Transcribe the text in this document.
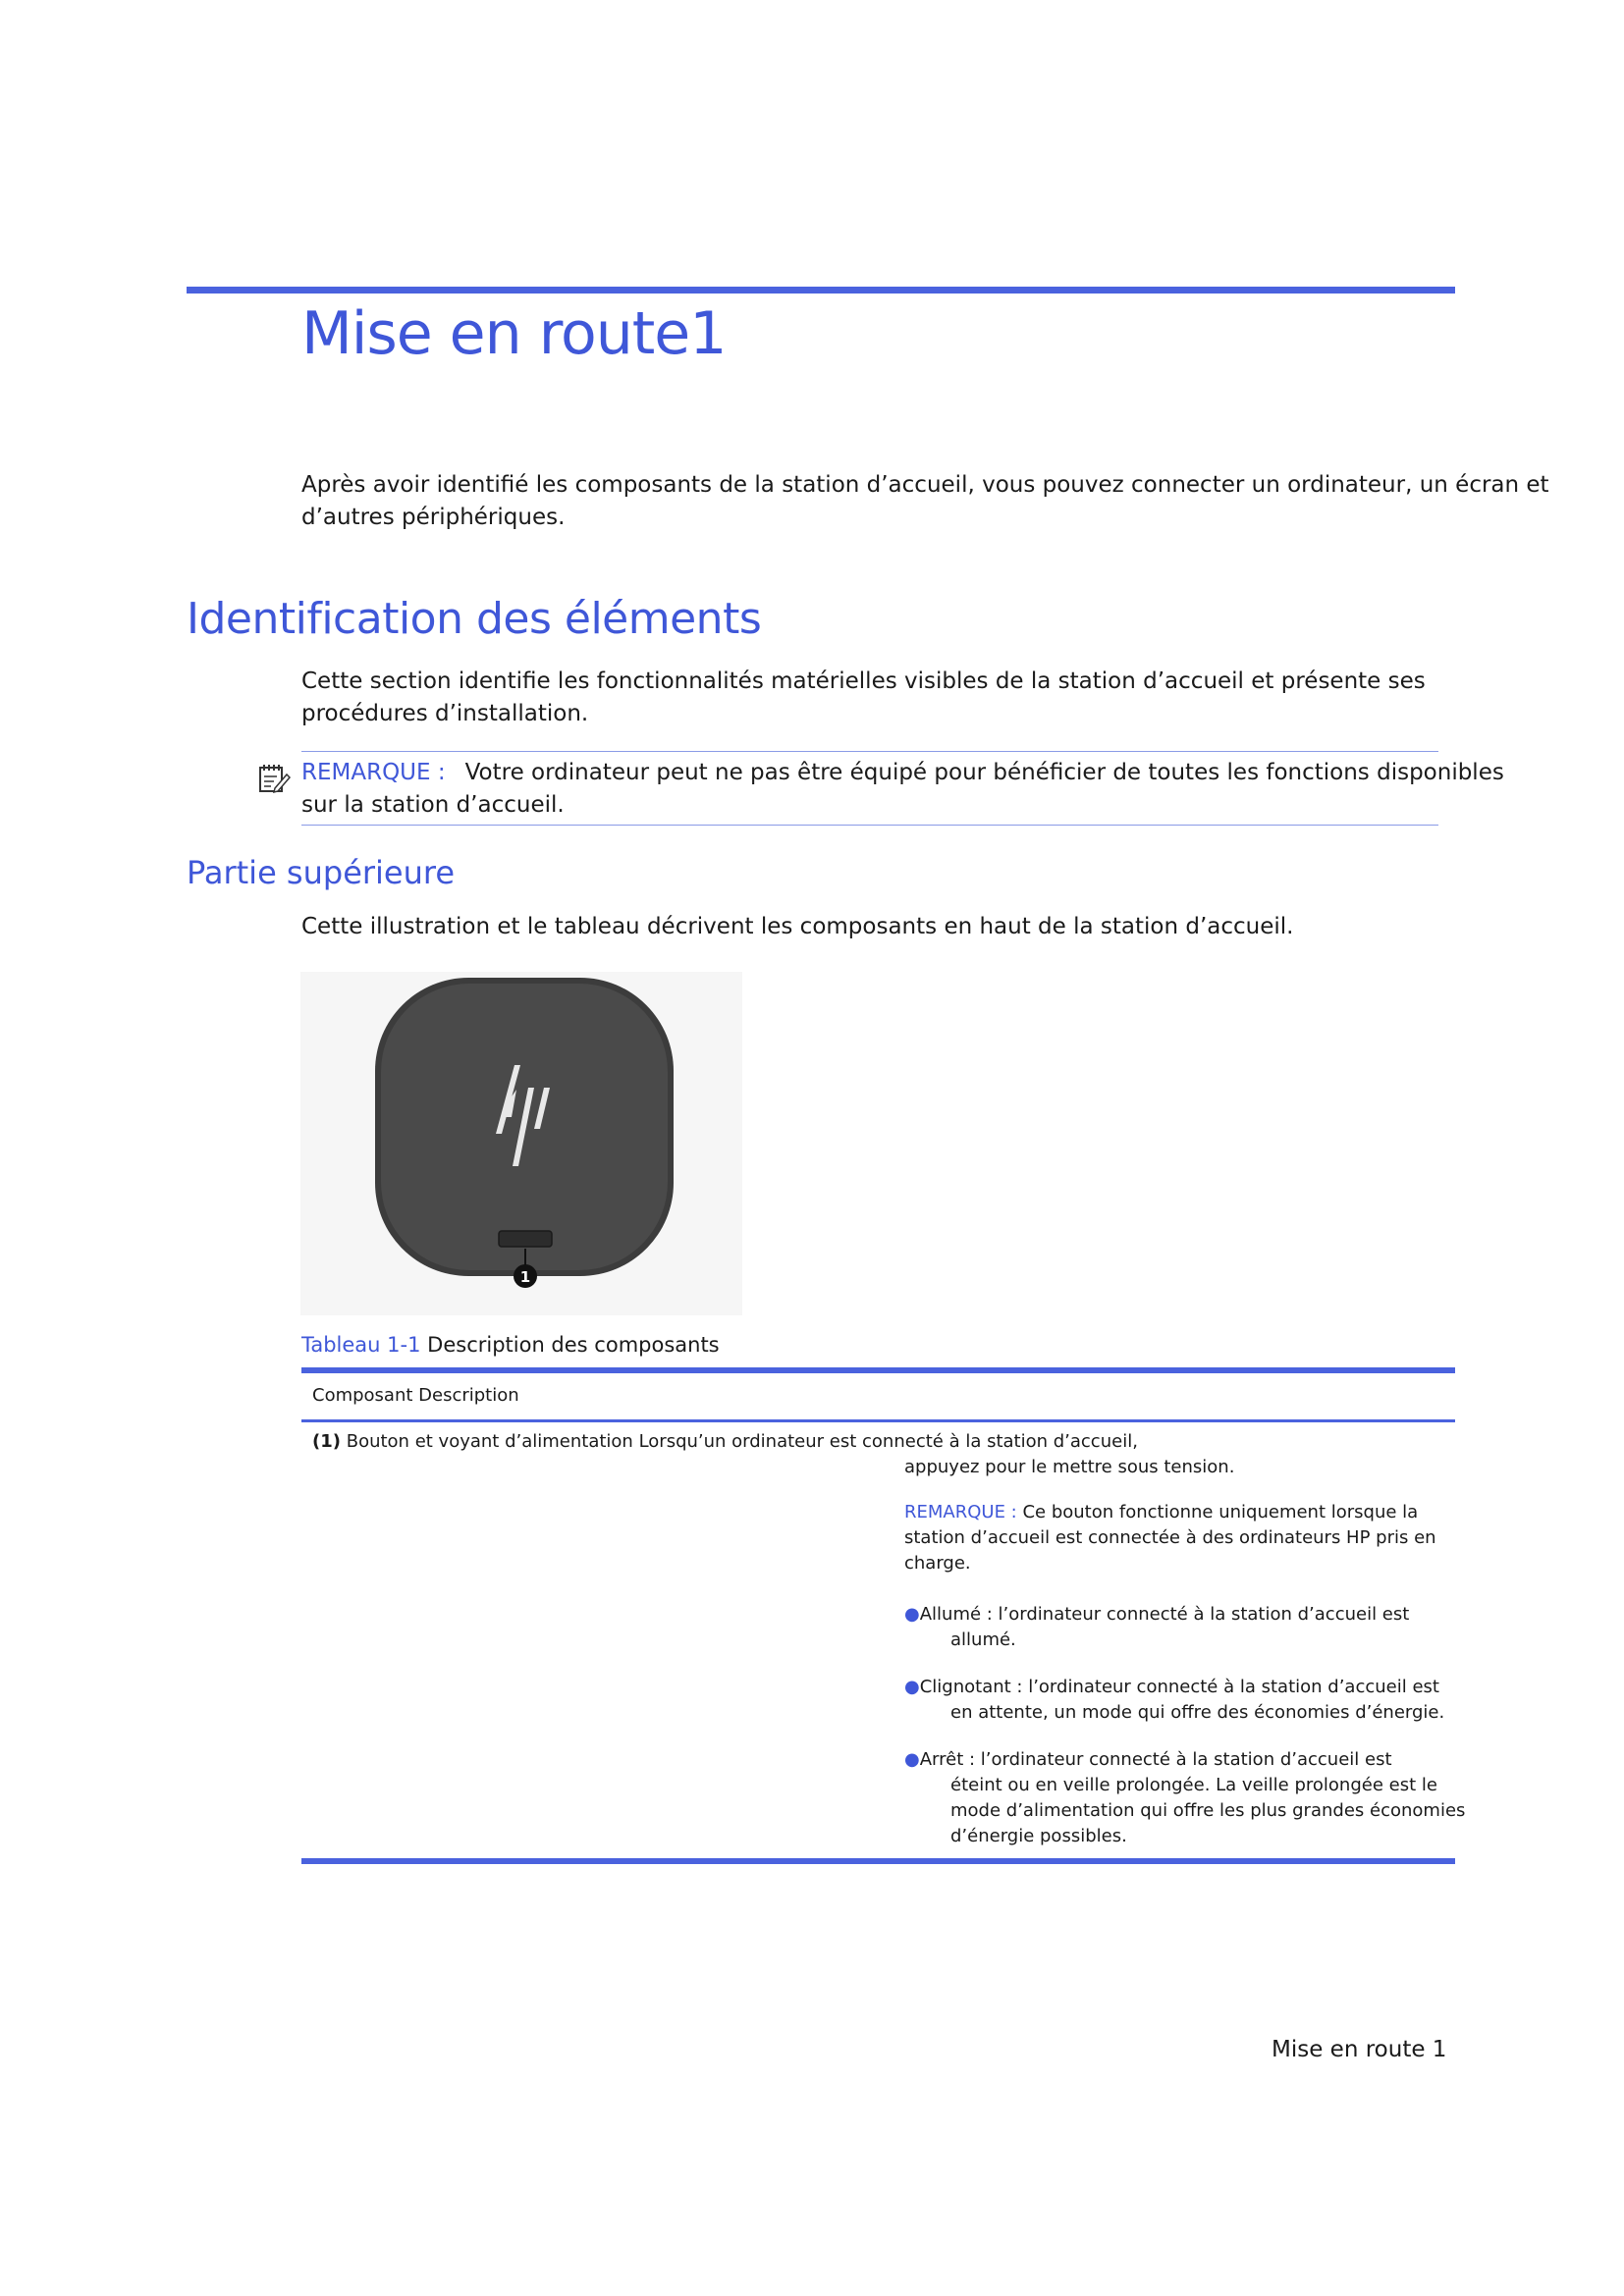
Mise en route1
Après avoir identifié les composants de la station d’accueil, vous pouvez connecter un ordinateur, un écran et
d’autres périphériques.
Identification des éléments
Cette section identifie les fonctionnalités matérielles visibles de la station d’accueil et présente ses
procédures d’installation.
REMARQUE : Votre ordinateur peut ne pas être équipé pour bénéficier de toutes les fonctions disponibles
sur la station d’accueil.
Partie supérieure
Cette illustration et le tableau décrivent les composants en haut de la station d’accueil.
1
Tableau 1-1 Description des composants
Composant Description
(1) Bouton et voyant d’alimentation Lorsqu’un ordinateur est connecté à la station d’accueil,
appuyez pour le mettre sous tension.
REMARQUE : Ce bouton fonctionne uniquement lorsque la
station d’accueil est connectée à des ordinateurs HP pris en
charge.
●Allumé : l’ordinateur connecté à la station d’accueil est
allumé.
●Clignotant : l’ordinateur connecté à la station d’accueil est
en attente, un mode qui offre des économies d’énergie.
●Arrêt : l’ordinateur connecté à la station d’accueil est
éteint ou en veille prolongée. La veille prolongée est le
mode d’alimentation qui offre les plus grandes économies
d’énergie possibles.
Mise en route 1
